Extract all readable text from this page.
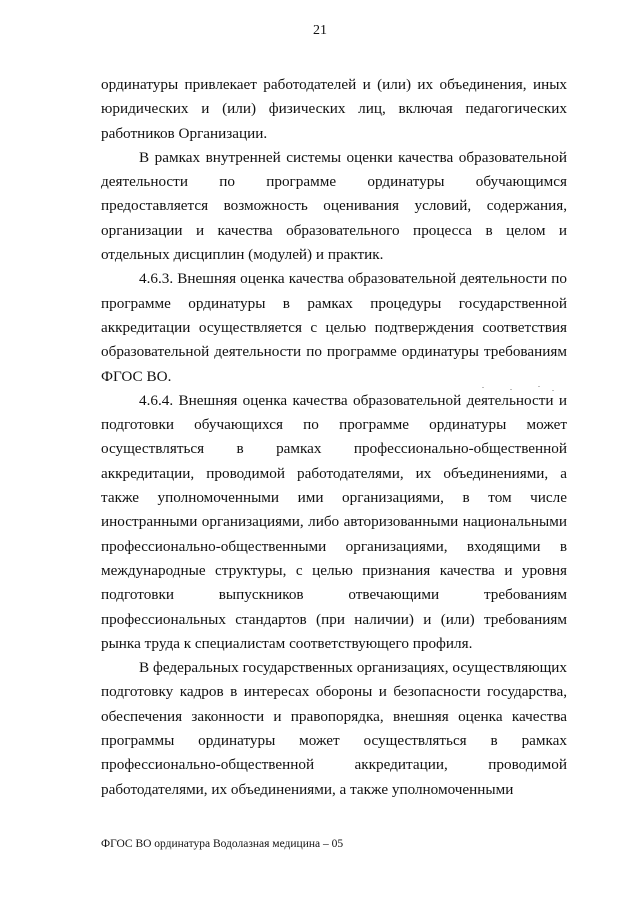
21

ординатуры привлекает работодателей и (или) их объединения, иных юридических и (или) физических лиц, включая педагогических работников Организации.

В рамках внутренней системы оценки качества образовательной деятельности по программе ординатуры обучающимся предоставляется возможность оценивания условий, содержания, организации и качества образовательного процесса в целом и отдельных дисциплин (модулей) и практик.

4.6.3. Внешняя оценка качества образовательной деятельности по программе ординатуры в рамках процедуры государственной аккредитации осуществляется с целью подтверждения соответствия образовательной деятельности по программе ординатуры требованиям ФГОС ВО.

4.6.4. Внешняя оценка качества образовательной деятельности и подготовки обучающихся по программе ординатуры может осуществляться в рамках профессионально-общественной аккредитации, проводимой работодателями, их объединениями, а также уполномоченными ими организациями, в том числе иностранными организациями, либо авторизованными национальными профессионально-общественными организациями, входящими в международные структуры, с целью признания качества и уровня подготовки выпускников отвечающими требованиям профессиональных стандартов (при наличии) и (или) требованиям рынка труда к специалистам соответствующего профиля.

В федеральных государственных организациях, осуществляющих подготовку кадров в интересах обороны и безопасности государства, обеспечения законности и правопорядка, внешняя оценка качества программы ординатуры может осуществляться в рамках профессионально-общественной аккредитации, проводимой работодателями, их объединениями, а также уполномоченными

ФГОС ВО ординатура Водолазная медицина – 05
